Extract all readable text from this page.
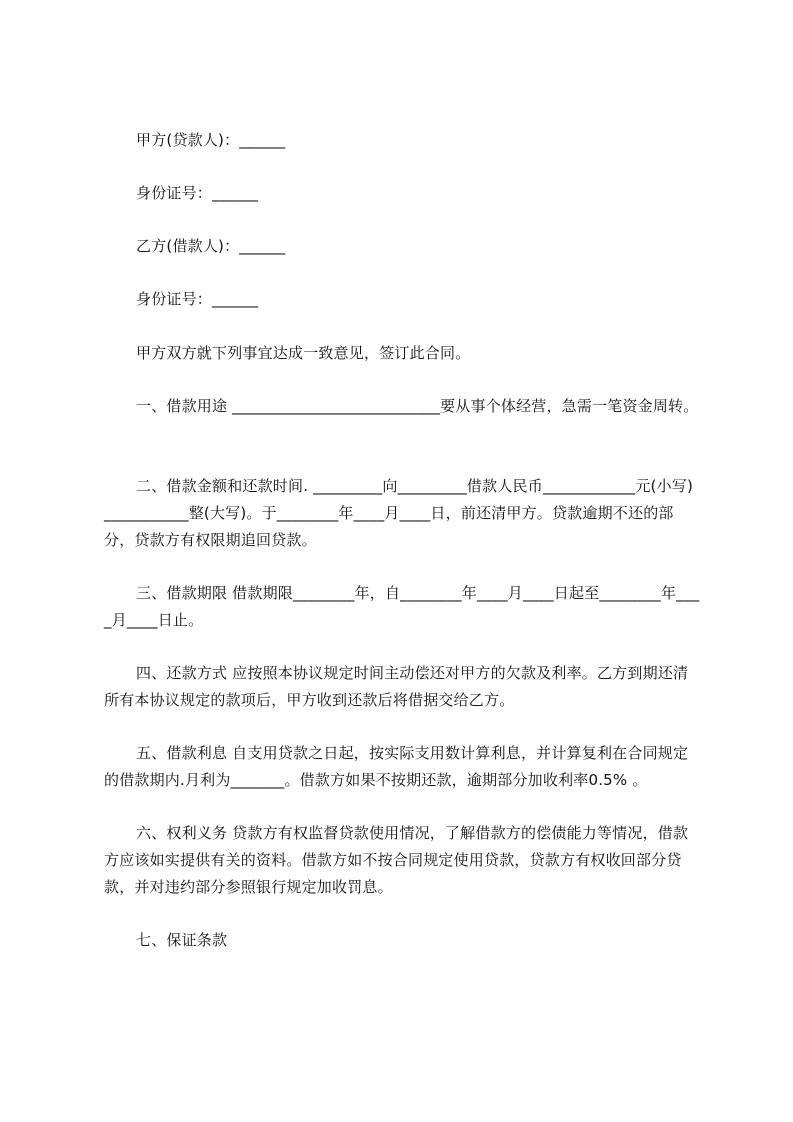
甲方(贷款人)：______

身份证号：______

乙方(借款人)：______

身份证号：______

甲方双方就下列事宜达成一致意见，签订此合同。

一、借款用途 ___________________________要从事个体经营，急需一笔资金周转。

二、借款金额和还款时间. _________向_________借款人民币____________元(小写) ___________整(大写)。于________年____月____日，前还清甲方。贷款逾期不还的部分，贷款方有权限期追回贷款。

三、借款期限 借款期限________年，自________年____月____日起至________年____月____日止。

四、还款方式 应按照本协议规定时间主动偿还对甲方的欠款及利率。乙方到期还清所有本协议规定的款项后，甲方收到还款后将借据交给乙方。

五、借款利息 自支用贷款之日起，按实际支用数计算利息，并计算复利在合同规定的借款期内.月利为_______。借款方如果不按期还款，逾期部分加收利率0.5% 。

六、权利义务 贷款方有权监督贷款使用情况，了解借款方的偿债能力等情况，借款方应该如实提供有关的资料。借款方如不按合同规定使用贷款，贷款方有权收回部分贷款，并对违约部分参照银行规定加收罚息。

七、保证条款
